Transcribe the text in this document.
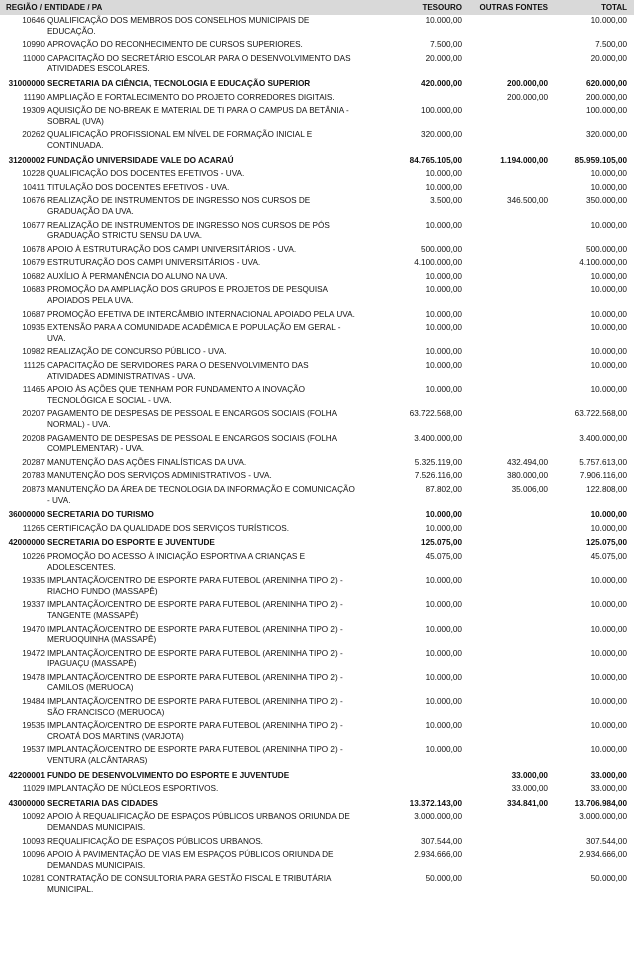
REGIÃO / ENTIDADE / PA		TESOURO	OUTRAS FONTES	TOTAL
10646	QUALIFICAÇÃO DOS MEMBROS DOS CONSELHOS MUNICIPAIS DE EDUCAÇÃO.	10.000,00		10.000,00
10990	APROVAÇÃO DO RECONHECIMENTO DE CURSOS SUPERIORES.	7.500,00		7.500,00
11000	CAPACITAÇÃO DO SECRETÁRIO ESCOLAR PARA O DESENVOLVIMENTO DAS ATIVIDADES ESCOLARES.	20.000,00		20.000,00
31000000	SECRETARIA DA CIÊNCIA, TECNOLOGIA E EDUCAÇÃO SUPERIOR	420.000,00	200.000,00	620.000,00
11190	AMPLIAÇÃO E FORTALECIMENTO DO PROJETO CORREDORES DIGITAIS.		200.000,00	200.000,00
19309	AQUISIÇÃO DE NO-BREAK E MATERIAL DE TI PARA O CAMPUS DA BETÂNIA - SOBRAL (UVA)	100.000,00		100.000,00
20262	QUALIFICAÇÃO PROFISSIONAL EM NÍVEL DE FORMAÇÃO INICIAL E CONTINUADA.	320.000,00		320.000,00
31200002	FUNDAÇÃO UNIVERSIDADE VALE DO ACARAÚ	84.765.105,00	1.194.000,00	85.959.105,00
10228	QUALIFICAÇÃO DOS DOCENTES EFETIVOS - UVA.	10.000,00		10.000,00
10411	TITULAÇÃO DOS DOCENTES EFETIVOS - UVA.	10.000,00		10.000,00
10676	REALIZAÇÃO DE INSTRUMENTOS DE INGRESSO NOS CURSOS DE GRADUAÇÃO DA UVA.	3.500,00	346.500,00	350.000,00
10677	REALIZAÇÃO DE INSTRUMENTOS DE INGRESSO NOS CURSOS DE PÓS GRADUAÇÃO STRICTU SENSU DA UVA.	10.000,00		10.000,00
10678	APOIO À ESTRUTURAÇÃO DOS CAMPI UNIVERSITÁRIOS - UVA.	500.000,00		500.000,00
10679	ESTRUTURAÇÃO DOS CAMPI UNIVERSITÁRIOS - UVA.	4.100.000,00		4.100.000,00
10682	AUXÍLIO À PERMANÊNCIA DO ALUNO NA UVA.	10.000,00		10.000,00
10683	PROMOÇÃO DA AMPLIAÇÃO DOS GRUPOS E PROJETOS DE PESQUISA APOIADOS PELA UVA.	10.000,00		10.000,00
10687	PROMOÇÃO EFETIVA DE INTERCÂMBIO INTERNACIONAL APOIADO PELA UVA.	10.000,00		10.000,00
10935	EXTENSÃO PARA A COMUNIDADE ACADÊMICA E POPULAÇÃO EM GERAL - UVA.	10.000,00		10.000,00
10982	REALIZAÇÃO DE CONCURSO PÚBLICO - UVA.	10.000,00		10.000,00
11125	CAPACITAÇÃO DE SERVIDORES PARA O DESENVOLVIMENTO DAS ATIVIDADES ADMINISTRATIVAS - UVA.	10.000,00		10.000,00
11465	APOIO ÀS AÇÕES QUE TENHAM POR FUNDAMENTO A INOVAÇÃO TECNOLÓGICA E SOCIAL - UVA.	10.000,00		10.000,00
20207	PAGAMENTO DE DESPESAS DE PESSOAL E ENCARGOS SOCIAIS (FOLHA NORMAL) - UVA.	63.722.568,00		63.722.568,00
20208	PAGAMENTO DE DESPESAS DE PESSOAL E ENCARGOS SOCIAIS (FOLHA COMPLEMENTAR) - UVA.	3.400.000,00		3.400.000,00
20287	MANUTENÇÃO DAS AÇÕES FINALÍSTICAS DA UVA.	5.325.119,00	432.494,00	5.757.613,00
20783	MANUTENÇÃO DOS SERVIÇOS ADMINISTRATIVOS - UVA.	7.526.116,00	380.000,00	7.906.116,00
20873	MANUTENÇÃO DA ÁREA DE TECNOLOGIA DA INFORMAÇÃO E COMUNICAÇÃO - UVA.	87.802,00	35.006,00	122.808,00
36000000	SECRETARIA DO TURISMO	10.000,00		10.000,00
11265	CERTIFICAÇÃO DA QUALIDADE DOS SERVIÇOS TURÍSTICOS.	10.000,00		10.000,00
42000000	SECRETARIA DO ESPORTE E JUVENTUDE	125.075,00		125.075,00
10226	PROMOÇÃO DO ACESSO À INICIAÇÃO ESPORTIVA A CRIANÇAS E ADOLESCENTES.	45.075,00		45.075,00
19335	IMPLANTAÇÃO/CENTRO DE ESPORTE PARA FUTEBOL (ARENINHA TIPO 2) - RIACHO FUNDO (MASSAPÊ)	10.000,00		10.000,00
19337	IMPLANTAÇÃO/CENTRO DE ESPORTE PARA FUTEBOL (ARENINHA TIPO 2) - TANGENTE (MASSAPÊ)	10.000,00		10.000,00
19470	IMPLANTAÇÃO/CENTRO DE ESPORTE PARA FUTEBOL (ARENINHA TIPO 2) - MERUOQUINHA (MASSAPÊ)	10.000,00		10.000,00
19472	IMPLANTAÇÃO/CENTRO DE ESPORTE PARA FUTEBOL (ARENINHA TIPO 2) - IPAGUAÇU (MASSAPÊ)	10.000,00		10.000,00
19478	IMPLANTAÇÃO/CENTRO DE ESPORTE PARA FUTEBOL (ARENINHA TIPO 2) - CAMILOS (MERUOCA)	10.000,00		10.000,00
19484	IMPLANTAÇÃO/CENTRO DE ESPORTE PARA FUTEBOL (ARENINHA TIPO 2) - SÃO FRANCISCO (MERUOCA)	10.000,00		10.000,00
19535	IMPLANTAÇÃO/CENTRO DE ESPORTE PARA FUTEBOL (ARENINHA TIPO 2) - CROATÁ DOS MARTINS (VARJOTA)	10.000,00		10.000,00
19537	IMPLANTAÇÃO/CENTRO DE ESPORTE PARA FUTEBOL (ARENINHA TIPO 2) - VENTURA (ALCÂNTARAS)	10.000,00		10.000,00
42200001	FUNDO DE DESENVOLVIMENTO DO ESPORTE E JUVENTUDE		33.000,00	33.000,00
11029	IMPLANTAÇÃO DE NÚCLEOS ESPORTIVOS.		33.000,00	33.000,00
43000000	SECRETARIA DAS CIDADES	13.372.143,00	334.841,00	13.706.984,00
10092	APOIO À REQUALIFICAÇÃO DE ESPAÇOS PÚBLICOS URBANOS ORIUNDA DE DEMANDAS MUNICIPAIS.	3.000.000,00		3.000.000,00
10093	REQUALIFICAÇÃO DE ESPAÇOS PÚBLICOS URBANOS.	307.544,00		307.544,00
10096	APOIO À PAVIMENTAÇÃO DE VIAS EM ESPAÇOS PÚBLICOS ORIUNDA DE DEMANDAS MUNICIPAIS.	2.934.666,00		2.934.666,00
10281	CONTRATAÇÃO DE CONSULTORIA PARA GESTÃO FISCAL E TRIBUTÁRIA MUNICIPAL.	50.000,00		50.000,00
